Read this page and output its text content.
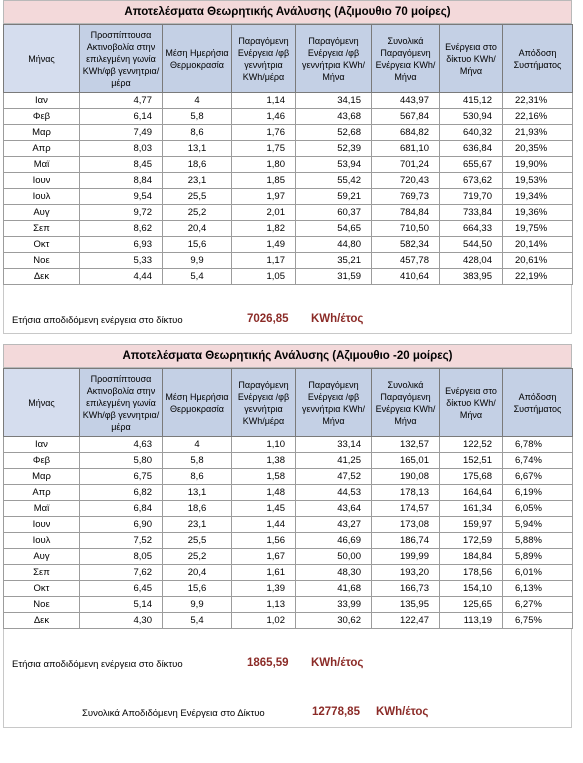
Αποτελέσματα Θεωρητικής Ανάλυσης (Αζιμουθιο 70 μοίρες)
Μήνας	Προσπίπτουσα Ακτινοβολία στην επιλεγμένη γωνία KWh/φβ γεννητρια/μέρα	Μέση Ημερήσια Θερμοκρασία	Παραγόμενη Ενέργεια /φβ γεννήτρια KWh/μέρα	Παραγόμενη Ενέργεια /φβ γεννήτρια KWh/Μήνα	Συνολικά Παραγόμενη Ενέργεια KWh/Μήνα	Ενέργεια στο δίκτυο KWh/Μήνα	Απόδοση Συστήματος
Ιαν	4,77	4	1,14	34,15	443,97	415,12	22,31%
Φεβ	6,14	5,8	1,46	43,68	567,84	530,94	22,16%
Μαρ	7,49	8,6	1,76	52,68	684,82	640,32	21,93%
Απρ	8,03	13,1	1,75	52,39	681,10	636,84	20,35%
Μαϊ	8,45	18,6	1,80	53,94	701,24	655,67	19,90%
Ιουν	8,84	23,1	1,85	55,42	720,43	673,62	19,53%
Ιουλ	9,54	25,5	1,97	59,21	769,73	719,70	19,34%
Αυγ	9,72	25,2	2,01	60,37	784,84	733,84	19,36%
Σεπ	8,62	20,4	1,82	54,65	710,50	664,33	19,75%
Οκτ	6,93	15,6	1,49	44,80	582,34	544,50	20,14%
Νοε	5,33	9,9	1,17	35,21	457,78	428,04	20,61%
Δεκ	4,44	5,4	1,05	31,59	410,64	383,95	22,19%
Ετήσια αποδιδόμενη ενέργεια στο δίκτυο	7026,85 KWh/έτος
Αποτελέσματα Θεωρητικής Ανάλυσης (Αζιμουθιο -20 μοίρες)
Μήνας	Προσπίπτουσα Ακτινοβολία στην επιλεγμένη γωνία KWh/φβ γεννητρια/μέρα	Μέση Ημερήσια Θερμοκρασία	Παραγόμενη Ενέργεια /φβ γεννήτρια KWh/μέρα	Παραγόμενη Ενέργεια /φβ γεννήτρια KWh/Μήνα	Συνολικά Παραγόμενη Ενέργεια KWh/Μήνα	Ενέργεια στο δίκτυο KWh/Μήνα	Απόδοση Συστήματος
Ιαν	4,63	4	1,10	33,14	132,57	122,52	6,78%
Φεβ	5,80	5,8	1,38	41,25	165,01	152,51	6,74%
Μαρ	6,75	8,6	1,58	47,52	190,08	175,68	6,67%
Απρ	6,82	13,1	1,48	44,53	178,13	164,64	6,19%
Μαϊ	6,84	18,6	1,45	43,64	174,57	161,34	6,05%
Ιουν	6,90	23,1	1,44	43,27	173,08	159,97	5,94%
Ιουλ	7,52	25,5	1,56	46,69	186,74	172,59	5,88%
Αυγ	8,05	25,2	1,67	50,00	199,99	184,84	5,89%
Σεπ	7,62	20,4	1,61	48,30	193,20	178,56	6,01%
Οκτ	6,45	15,6	1,39	41,68	166,73	154,10	6,13%
Νοε	5,14	9,9	1,13	33,99	135,95	125,65	6,27%
Δεκ	4,30	5,4	1,02	30,62	122,47	113,19	6,75%
Ετήσια αποδιδόμενη ενέργεια στο δίκτυο	1865,59 KWh/έτος
Συνολικά Αποδιδόμενη Ενέργεια στο Δίκτυο	12778,85 KWh/έτος
